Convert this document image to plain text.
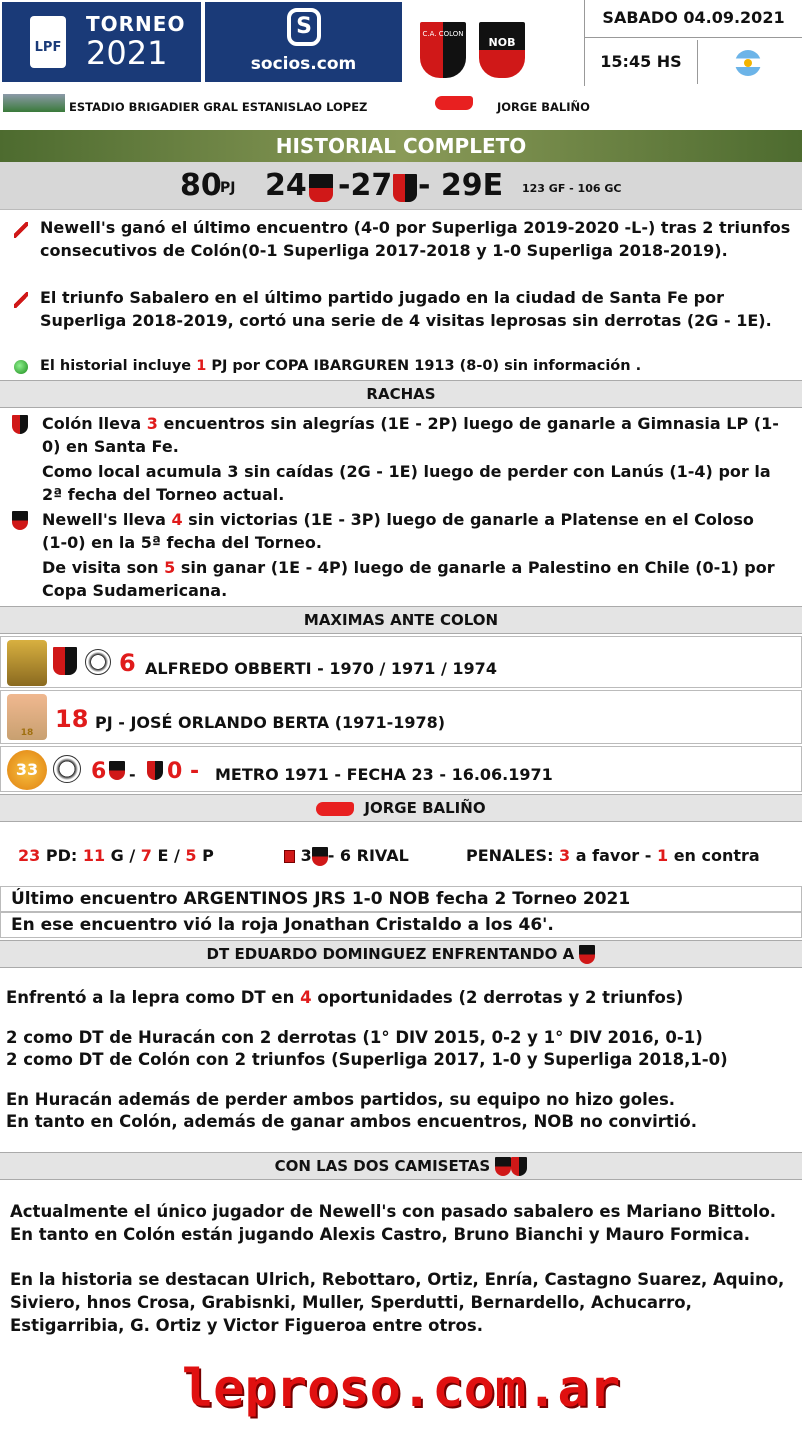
LPF
TORNEO
2021
S
socios.com
C.A. COLON
NOB
SABADO 04.09.2021
15:45 HS
ESTADIO BRIGADIER GRAL ESTANISLAO LOPEZ	JORGE BALIÑO
HISTORIAL COMPLETO
80
PJ 24 -27 - 29E 123 GF - 106 GC
Newell's ganó el último encuentro (4-0 por Superliga 2019-2020 -L-) tras 2 triunfos consecutivos de Colón(0-1 Superliga 2017-2018 y 1-0 Superliga 2018-2019).
El triunfo Sabalero en el último partido jugado en la ciudad de Santa Fe por Superliga 2018-2019, cortó una serie de 4 visitas leprosas sin derrotas (2G - 1E).
El historial incluye 1 PJ por COPA IBARGUREN 1913 (8-0) sin información .
RACHAS
Colón lleva 3 encuentros sin alegrías (1E - 2P) luego de ganarle a Gimnasia LP (1-0) en Santa Fe.
Como local acumula 3 sin caídas (2G - 1E) luego de perder con Lanús (1-4) por la 2ª fecha del Torneo actual.
Newell's lleva 4 sin victorias (1E - 3P) luego de ganarle a Platense en el Coloso (1-0) en la 5ª fecha del Torneo.
De visita son 5 sin ganar (1E - 4P) luego de ganarle a Palestino en Chile (0-1) por Copa Sudamericana.
MAXIMAS ANTE COLON
6 ALFREDO OBBERTI - 1970 / 1971 / 1974
18 18 PJ - JOSÉ ORLANDO BERTA (1971-1978)
33	6 - 0 - METRO 1971 - FECHA 23 - 16.06.1971
JORGE BALIÑO
23 PD: 11 G / 7 E / 5 P	3 - 6 RIVAL	PENALES: 3 a favor - 1 en contra
Último encuentro ARGENTINOS JRS 1-0 NOB fecha 2 Torneo 2021
En ese encuentro vió la roja Jonathan Cristaldo a los 46'.
DT EDUARDO DOMINGUEZ ENFRENTANDO A
Enfrentó a la lepra como DT en 4 oportunidades (2 derrotas y 2 triunfos)
2 como DT de Huracán con 2 derrotas (1° DIV 2015, 0-2 y 1° DIV 2016, 0-1)
2 como DT de Colón con 2 triunfos (Superliga 2017, 1-0 y Superliga 2018,1-0)
En Huracán además de perder ambos partidos, su equipo no hizo goles.
En tanto en Colón, además de ganar ambos encuentros, NOB no convirtió.
CON LAS DOS CAMISETAS
Actualmente el único jugador de Newell's con pasado sabalero es Mariano Bittolo. En tanto en Colón están jugando Alexis Castro, Bruno Bianchi y Mauro Formica.
En la historia se destacan Ulrich, Rebottaro, Ortiz, Enría, Castagno Suarez, Aquino, Siviero, hnos Crosa, Grabisnki, Muller, Sperdutti, Bernardello, Achucarro, Estigarribia, G. Ortiz y Victor Figueroa entre otros.
leproso.com.ar
